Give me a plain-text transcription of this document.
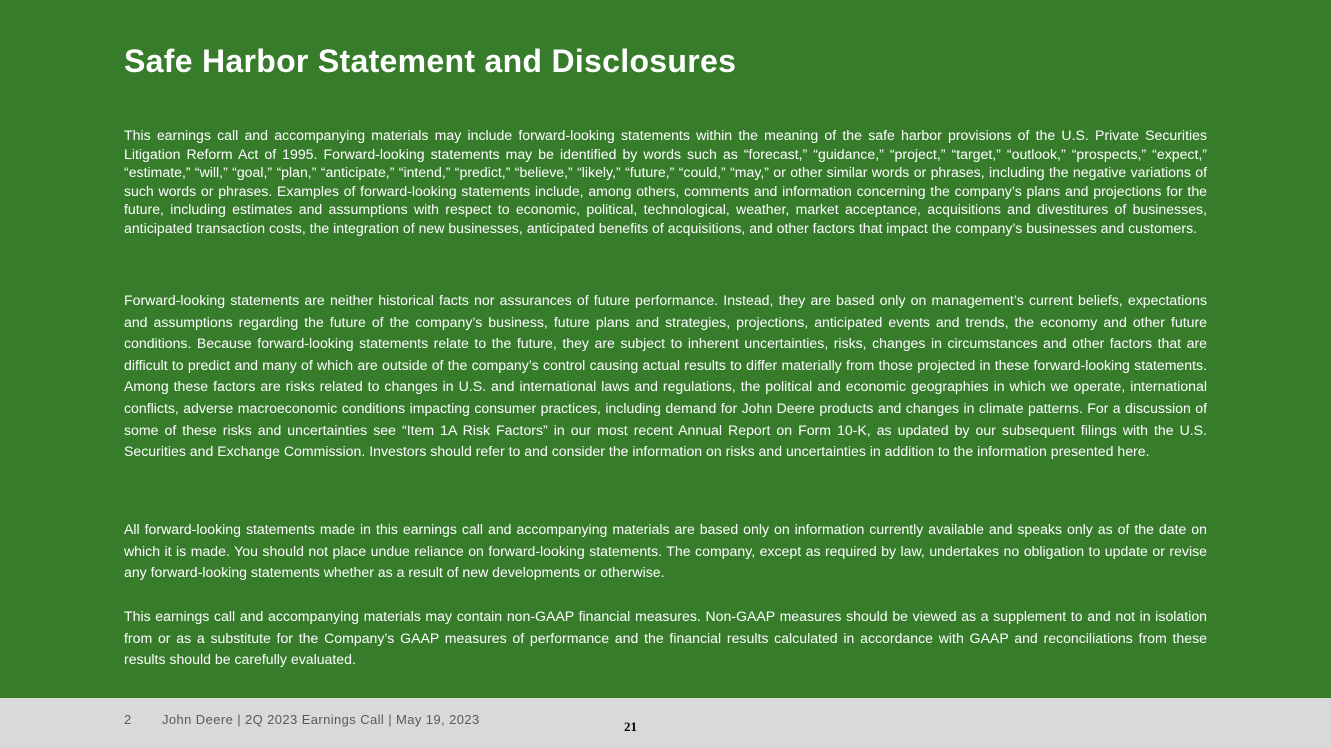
Safe Harbor Statement and Disclosures

This earnings call and accompanying materials may include forward-looking statements within the meaning of the safe harbor provisions of the U.S. Private Securities Litigation Reform Act of 1995. Forward-looking statements may be identified by words such as “forecast,” “guidance,” “project,” “target,” “outlook,” “prospects,” “expect,” “estimate,” “will,” “goal,” “plan,” “anticipate,” “intend,” “predict,” “believe,” “likely,” “future,” “could,” “may,” or other similar words or phrases, including the negative variations of such words or phrases. Examples of forward-looking statements include, among others, comments and information concerning the company’s plans and projections for the future, including estimates and assumptions with respect to economic, political, technological, weather, market acceptance, acquisitions and divestitures of businesses, anticipated transaction costs, the integration of new businesses, anticipated benefits of acquisitions, and other factors that impact the company’s businesses and customers.

Forward-looking statements are neither historical facts nor assurances of future performance. Instead, they are based only on management’s current beliefs, expectations and assumptions regarding the future of the company’s business, future plans and strategies, projections, anticipated events and trends, the economy and other future conditions. Because forward-looking statements relate to the future, they are subject to inherent uncertainties, risks, changes in circumstances and other factors that are difficult to predict and many of which are outside of the company’s control causing actual results to differ materially from those projected in these forward-looking statements. Among these factors are risks related to changes in U.S. and international laws and regulations, the political and economic geographies in which we operate, international conflicts, adverse macroeconomic conditions impacting consumer practices, including demand for John Deere products and changes in climate patterns. For a discussion of some of these risks and uncertainties see “Item 1A Risk Factors” in our most recent Annual Report on Form 10-K, as updated by our subsequent filings with the U.S. Securities and Exchange Commission. Investors should refer to and consider the information on risks and uncertainties in addition to the information presented here.

All forward-looking statements made in this earnings call and accompanying materials are based only on information currently available and speaks only as of the date on which it is made. You should not place undue reliance on forward-looking statements. The company, except as required by law, undertakes no obligation to update or revise any forward-looking statements whether as a result of new developments or otherwise.

This earnings call and accompanying materials may contain non-GAAP financial measures. Non-GAAP measures should be viewed as a supplement to and not in isolation from or as a substitute for the Company’s GAAP measures of performance and the financial results calculated in accordance with GAAP and reconciliations from these results should be carefully evaluated.

2 John Deere | 2Q 2023 Earnings Call | May 19, 2023	21
